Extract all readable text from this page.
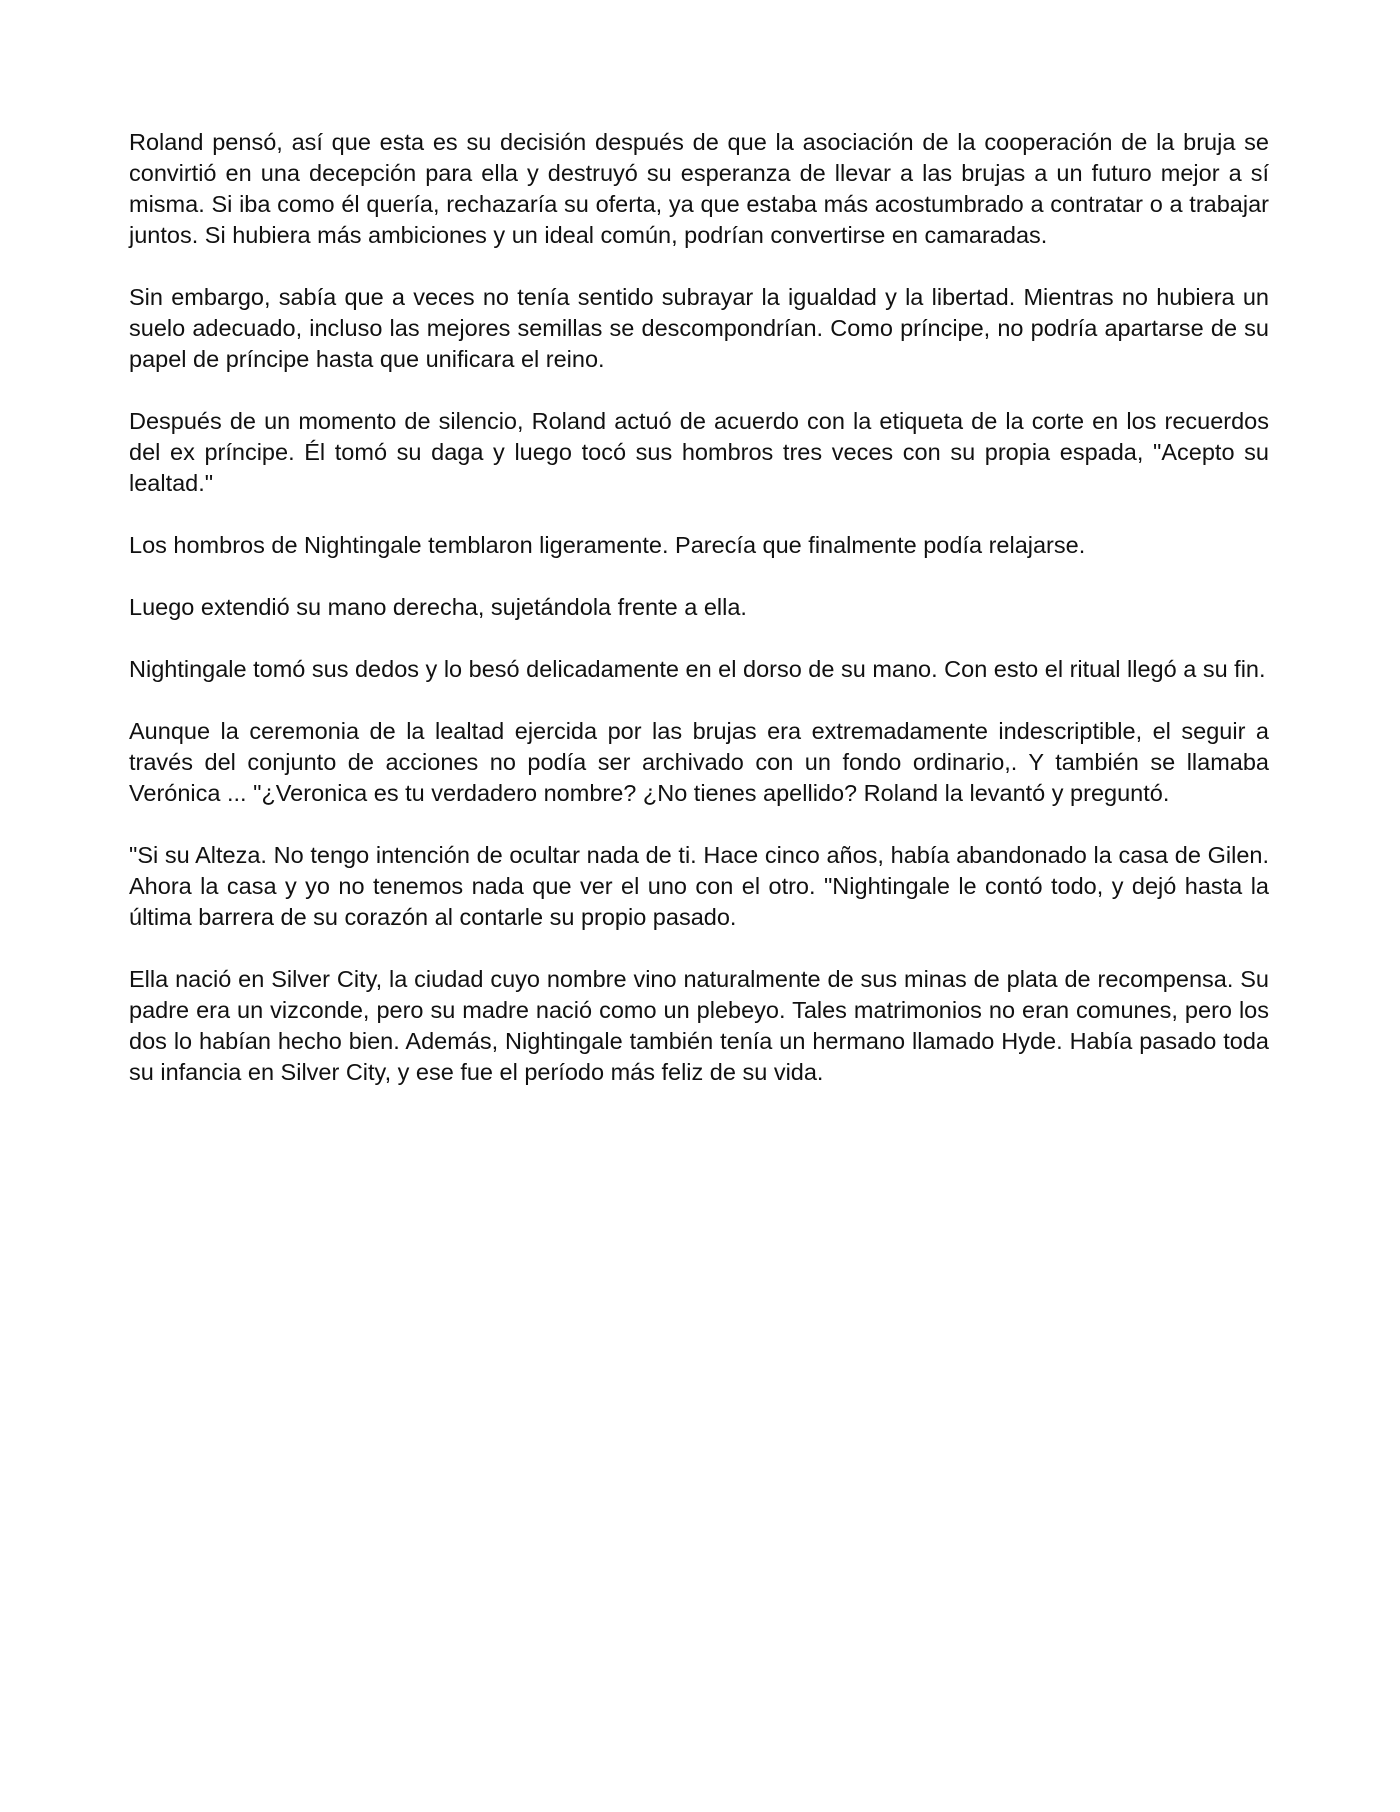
Roland pensó, así que esta es su decisión después de que la asociación de la cooperación de la bruja se convirtió en una decepción para ella y destruyó su esperanza de llevar a las brujas a un futuro mejor a sí misma. Si iba como él quería, rechazaría su oferta, ya que estaba más acostumbrado a contratar o a trabajar juntos. Si hubiera más ambiciones y un ideal común, podrían convertirse en camaradas.

Sin embargo, sabía que a veces no tenía sentido subrayar la igualdad y la libertad. Mientras no hubiera un suelo adecuado, incluso las mejores semillas se descompondrían. Como príncipe, no podría apartarse de su papel de príncipe hasta que unificara el reino.

Después de un momento de silencio, Roland actuó de acuerdo con la etiqueta de la corte en los recuerdos del ex príncipe. Él tomó su daga y luego tocó sus hombros tres veces con su propia espada, "Acepto su lealtad."

Los hombros de Nightingale temblaron ligeramente. Parecía que finalmente podía relajarse.

Luego extendió su mano derecha, sujetándola frente a ella.

Nightingale tomó sus dedos y lo besó delicadamente en el dorso de su mano. Con esto el ritual llegó a su fin.

Aunque la ceremonia de la lealtad ejercida por las brujas era extremadamente indescriptible, el seguir a través del conjunto de acciones no podía ser archivado con un fondo ordinario,. Y también se llamaba Verónica ... "¿Veronica es tu verdadero nombre? ¿No tienes apellido? Roland la levantó y preguntó.

"Si su Alteza. No tengo intención de ocultar nada de ti. Hace cinco años, había abandonado la casa de Gilen. Ahora la casa y yo no tenemos nada que ver el uno con el otro. "Nightingale le contó todo, y dejó hasta la última barrera de su corazón al contarle su propio pasado.

Ella nació en Silver City, la ciudad cuyo nombre vino naturalmente de sus minas de plata de recompensa. Su padre era un vizconde, pero su madre nació como un plebeyo. Tales matrimonios no eran comunes, pero los dos lo habían hecho bien. Además, Nightingale también tenía un hermano llamado Hyde. Había pasado toda su infancia en Silver City, y ese fue el período más feliz de su vida.
